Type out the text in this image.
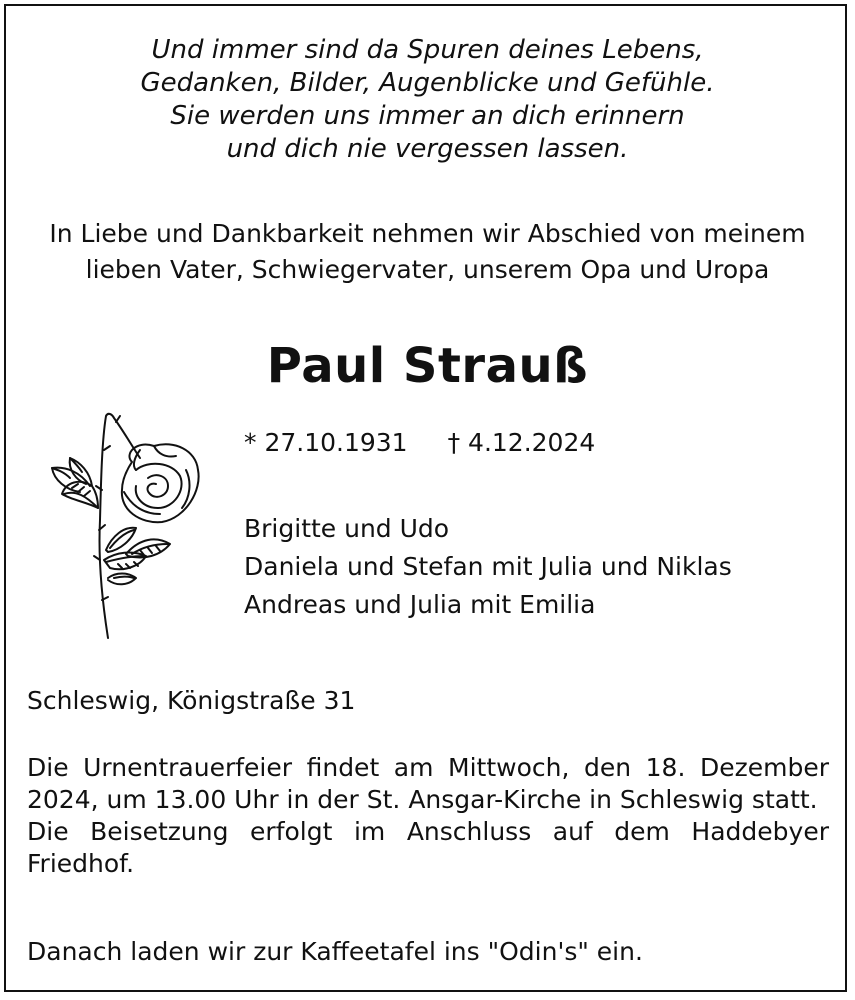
Und immer sind da Spuren deines Lebens,
Gedanken, Bilder, Augenblicke und Gefühle.
Sie werden uns immer an dich erinnern
und dich nie vergessen lassen.
In Liebe und Dankbarkeit nehmen wir Abschied von meinem
lieben Vater, Schwiegervater, unserem Opa und Uropa
Paul Strauß
* 27.10.1931 † 4.12.2024
Brigitte und Udo
Daniela und Stefan mit Julia und Niklas
Andreas und Julia mit Emilia
Schleswig, Königstraße 31

Die Urnentrauerfeier findet am Mittwoch, den 18. Dezember 2024, um 13.00 Uhr in der St. Ansgar-Kirche in Schleswig statt.

Die Beisetzung erfolgt im Anschluss auf dem Haddebyer Friedhof.

Danach laden wir zur Kaffeetafel ins "Odin's" ein.
